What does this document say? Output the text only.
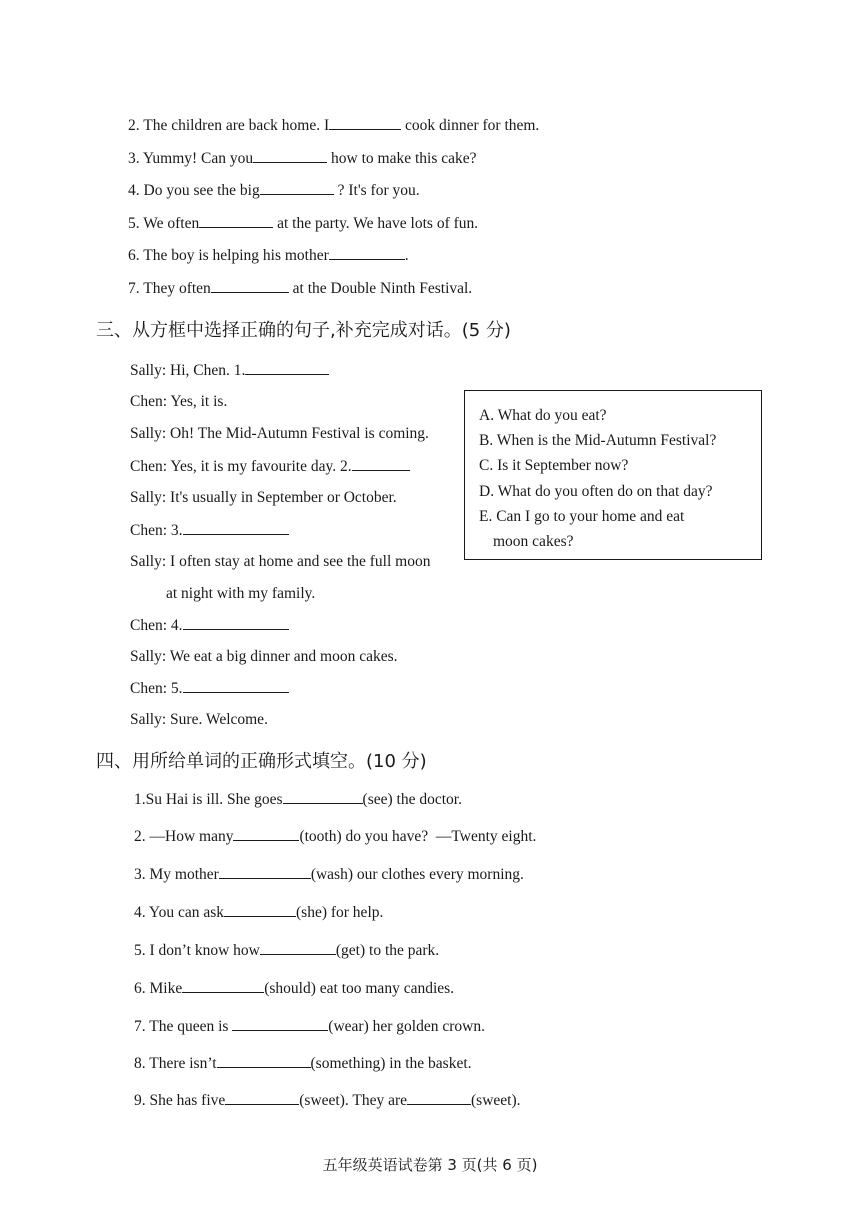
2. The children are back home. I	cook dinner for them.
3. Yummy! Can you	how to make this cake?
4. Do you see the big	? It's for you.
5. We often	at the party. We have lots of fun.
6. The boy is helping his mother	.
7. They often	at the Double Ninth Festival.
三、从方框中选择正确的句子,补充完成对话。(5 分)
Sally: Hi, Chen. 1.
Chen: Yes, it is.
Sally: Oh! The Mid-Autumn Festival is coming.
Chen: Yes, it is my favourite day. 2.
Sally: It's usually in September or October.
Chen: 3.
Sally: I often stay at home and see the full moon
at night with my family.
Chen: 4.
Sally: We eat a big dinner and moon cakes.
Chen: 5.
Sally: Sure. Welcome.
A. What do you eat?
B. When is the Mid-Autumn Festival?
C. Is it September now?
D. What do you often do on that day?
E. Can I go to your home and eat
moon cakes?
四、用所给单词的正确形式填空。(10 分)
1.Su Hai is ill. She goes	(see) the doctor.
2. —How many	(tooth) do you have?  —Twenty eight.
3. My mother	(wash) our clothes every morning.
4. You can ask	(she) for help.
5. I don’t know how	(get) to the park.
6. Mike	(should) eat too many candies.
7. The queen is	(wear) her golden crown.
8. There isn’t	(something) in the basket.
9. She has five	(sweet). They are	(sweet).
五年级英语试卷第 3 页(共 6 页)
